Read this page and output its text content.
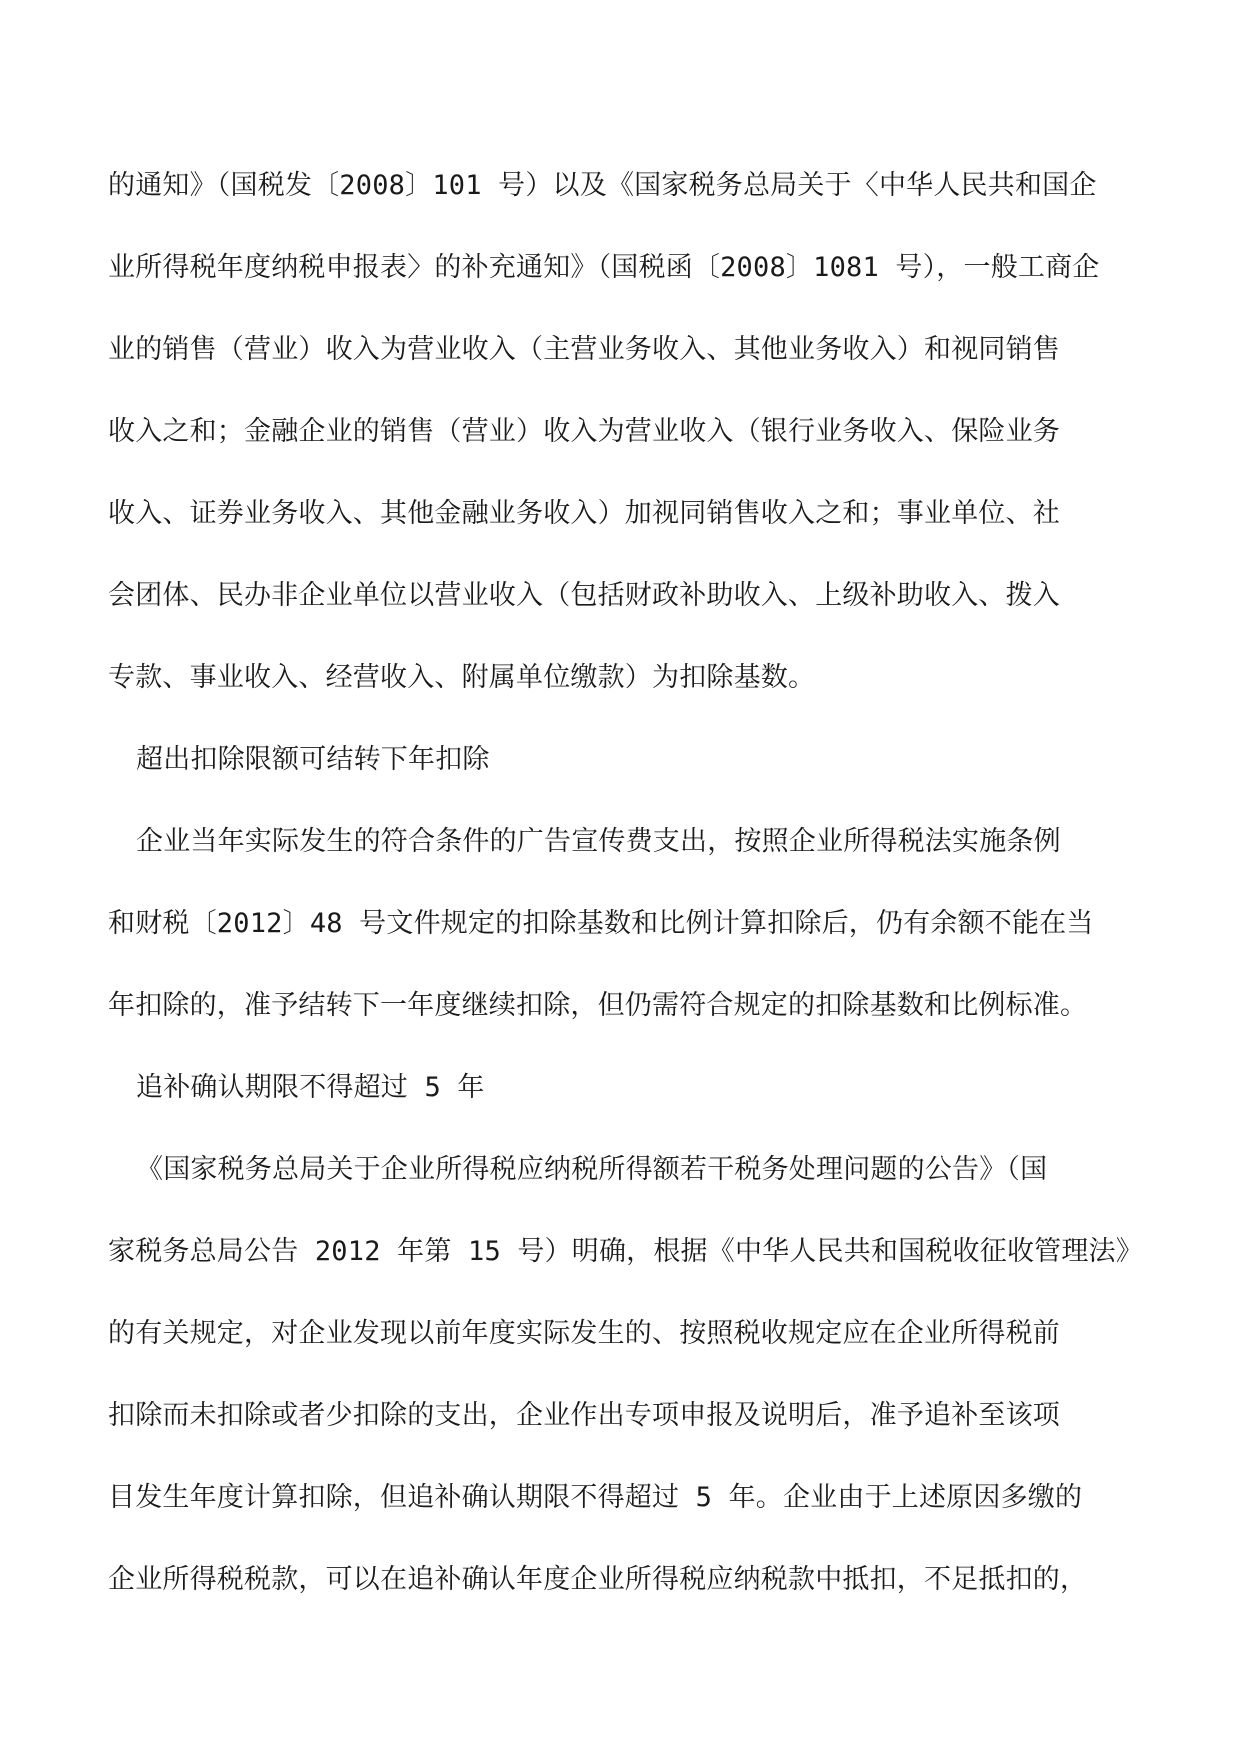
的通知》（国税发〔2008〕101 号）以及《国家税务总局关于〈中华人民共和国企
业所得税年度纳税申报表〉的补充通知》（国税函〔2008〕1081 号），一般工商企
业的销售（营业）收入为营业收入（主营业务收入、其他业务收入）和视同销售
收入之和；金融企业的销售（营业）收入为营业收入（银行业务收入、保险业务
收入、证券业务收入、其他金融业务收入）加视同销售收入之和；事业单位、社
会团体、民办非企业单位以营业收入（包括财政补助收入、上级补助收入、拨入
专款、事业收入、经营收入、附属单位缴款）为扣除基数。
超出扣除限额可结转下年扣除
企业当年实际发生的符合条件的广告宣传费支出，按照企业所得税法实施条例
和财税〔2012〕48 号文件规定的扣除基数和比例计算扣除后，仍有余额不能在当
年扣除的，准予结转下一年度继续扣除，但仍需符合规定的扣除基数和比例标准。
追补确认期限不得超过 5 年
《国家税务总局关于企业所得税应纳税所得额若干税务处理问题的公告》（国
家税务总局公告 2012 年第 15 号）明确，根据《中华人民共和国税收征收管理法》
的有关规定，对企业发现以前年度实际发生的、按照税收规定应在企业所得税前
扣除而未扣除或者少扣除的支出，企业作出专项申报及说明后，准予追补至该项
目发生年度计算扣除，但追补确认期限不得超过 5 年。企业由于上述原因多缴的
企业所得税税款，可以在追补确认年度企业所得税应纳税款中抵扣，不足抵扣的，
